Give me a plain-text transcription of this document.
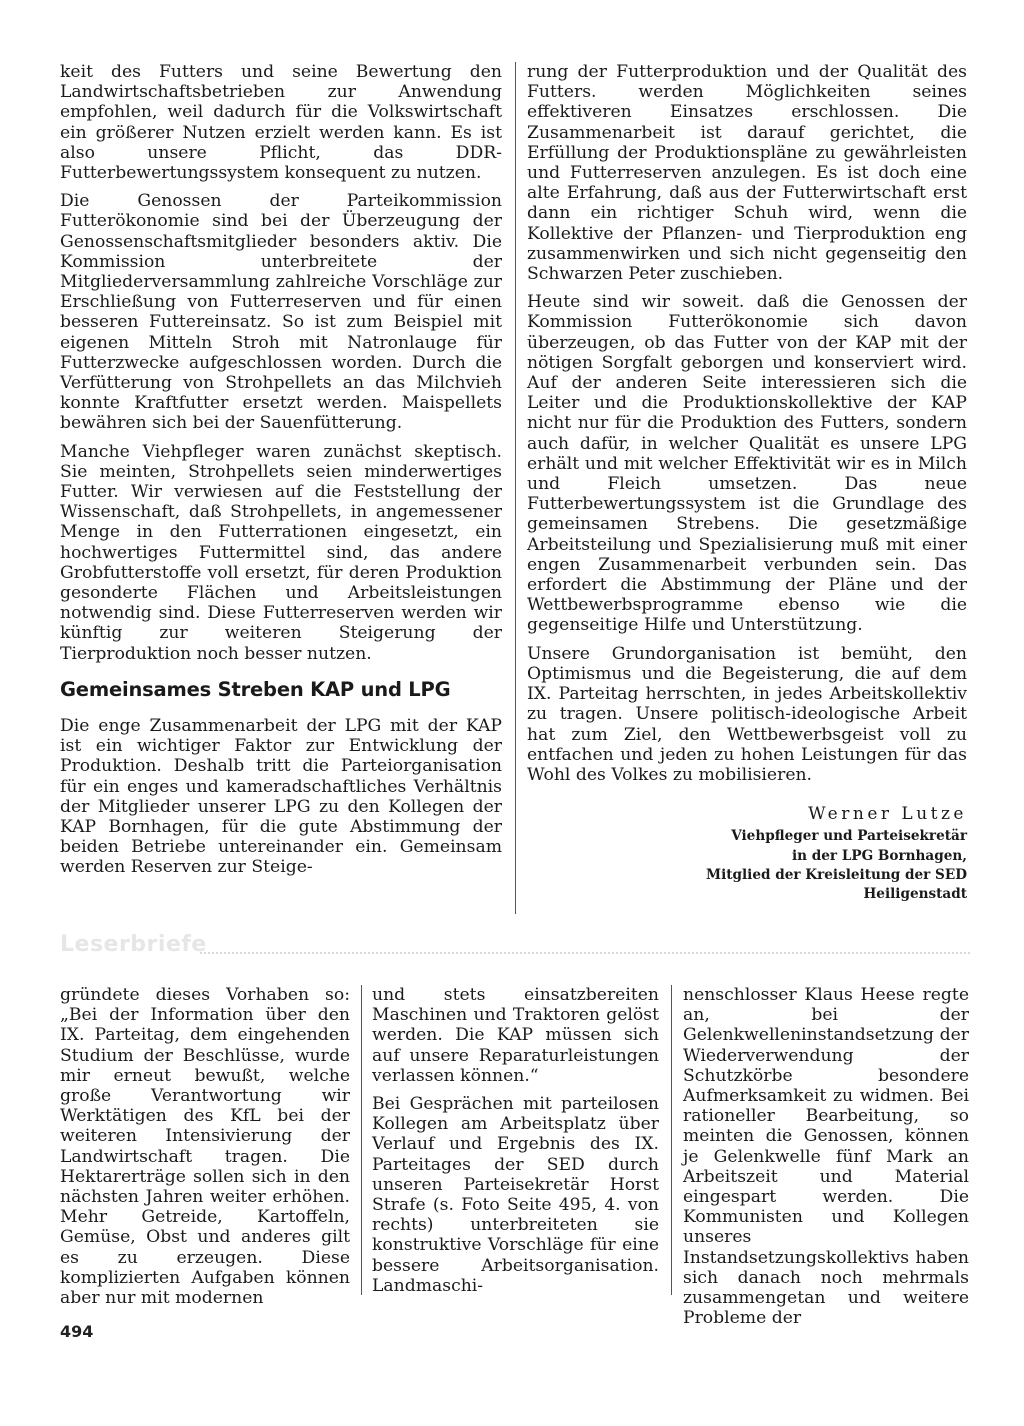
keit des Futters und seine Bewertung den Landwirtschaftsbetrieben zur Anwendung empfohlen, weil dadurch für die Volkswirtschaft ein größerer Nutzen erzielt werden kann. Es ist also unsere Pflicht, das DDR-Futterbewertungssystem konsequent zu nutzen.

Die Genossen der Parteikommission Futterökonomie sind bei der Überzeugung der Genossenschaftsmitglieder besonders aktiv. Die Kommission unterbreitete der Mitgliederversammlung zahlreiche Vorschläge zur Erschließung von Futterreserven und für einen besseren Futtereinsatz. So ist zum Beispiel mit eigenen Mitteln Stroh mit Natronlauge für Futterzwecke aufgeschlossen worden. Durch die Verfütterung von Strohpellets an das Milchvieh konnte Kraftfutter ersetzt werden. Maispellets bewähren sich bei der Sauenfütterung.

Manche Viehpfleger waren zunächst skeptisch. Sie meinten, Strohpellets seien minderwertiges Futter. Wir verwiesen auf die Feststellung der Wissenschaft, daß Strohpellets, in angemessener Menge in den Futterrationen eingesetzt, ein hochwertiges Futtermittel sind, das andere Grobfutterstoffe voll ersetzt, für deren Produktion gesonderte Flächen und Arbeitsleistungen notwendig sind. Diese Futterreserven werden wir künftig zur weiteren Steigerung der Tierproduktion noch besser nutzen.

Gemeinsames Streben KAP und LPG

Die enge Zusammenarbeit der LPG mit der KAP ist ein wichtiger Faktor zur Entwicklung der Produktion. Deshalb tritt die Parteiorganisation für ein enges und kameradschaftliches Verhältnis der Mitglieder unserer LPG zu den Kollegen der KAP Bornhagen, für die gute Abstimmung der beiden Betriebe untereinander ein. Gemeinsam werden Reserven zur Steige-

rung der Futterproduktion und der Qualität des Futters. werden Möglichkeiten seines effektiveren Einsatzes erschlossen. Die Zusammenarbeit ist darauf gerichtet, die Erfüllung der Produktionspläne zu gewährleisten und Futterreserven anzulegen. Es ist doch eine alte Erfahrung, daß aus der Futterwirtschaft erst dann ein richtiger Schuh wird, wenn die Kollektive der Pflanzen- und Tierproduktion eng zusammenwirken und sich nicht gegenseitig den Schwarzen Peter zuschieben.

Heute sind wir soweit. daß die Genossen der Kommission Futterökonomie sich davon überzeugen, ob das Futter von der KAP mit der nötigen Sorgfalt geborgen und konserviert wird. Auf der anderen Seite interessieren sich die Leiter und die Produktionskollektive der KAP nicht nur für die Produktion des Futters, sondern auch dafür, in welcher Qualität es unsere LPG erhält und mit welcher Effektivität wir es in Milch und Fleich umsetzen. Das neue Futterbewertungssystem ist die Grundlage des gemeinsamen Strebens. Die gesetzmäßige Arbeitsteilung und Spezialisierung muß mit einer engen Zusammenarbeit verbunden sein. Das erfordert die Abstimmung der Pläne und der Wettbewerbsprogramme ebenso wie die gegenseitige Hilfe und Unterstützung.

Unsere Grundorganisation ist bemüht, den Optimismus und die Begeisterung, die auf dem IX. Parteitag herrschten, in jedes Arbeitskollektiv zu tragen. Unsere politisch-ideologische Arbeit hat zum Ziel, den Wettbewerbsgeist voll zu entfachen und jeden zu hohen Leistungen für das Wohl des Volkes zu mobilisieren.

Werner Lutze
Viehpfleger und Parteisekretär
in der LPG Bornhagen,
Mitglied der Kreisleitung der SED
Heiligenstadt
Leserbriefe

gründete dieses Vorhaben so: „Bei der Information über den IX. Parteitag, dem eingehenden Studium der Beschlüsse, wurde mir erneut bewußt, welche große Verantwortung wir Werktätigen des KfL bei der weiteren Intensivierung der Landwirtschaft tragen. Die Hektarerträge sollen sich in den nächsten Jahren weiter erhöhen. Mehr Getreide, Kartoffeln, Gemüse, Obst und anderes gilt es zu erzeugen. Diese komplizierten Aufgaben können aber nur mit modernen

und stets einsatzbereiten Maschinen und Traktoren gelöst werden. Die KAP müssen sich auf unsere Reparaturleistungen verlassen können.“

Bei Gesprächen mit parteilosen Kollegen am Arbeitsplatz über Verlauf und Ergebnis des IX. Parteitages der SED durch unseren Parteisekretär Horst Strafe (s. Foto Seite 495, 4. von rechts) unterbreiteten sie konstruktive Vorschläge für eine bessere Arbeitsorganisation. Landmaschi-

nenschlosser Klaus Heese regte an, bei der Gelenkwelleninstandsetzung der Wiederverwendung der Schutzkörbe besondere Aufmerksamkeit zu widmen. Bei rationeller Bearbeitung, so meinten die Genossen, können je Gelenkwelle fünf Mark an Arbeitszeit und Material eingespart werden. Die Kommunisten und Kollegen unseres Instandsetzungskollektivs haben sich danach noch mehrmals zusammengetan und weitere Probleme der

494
